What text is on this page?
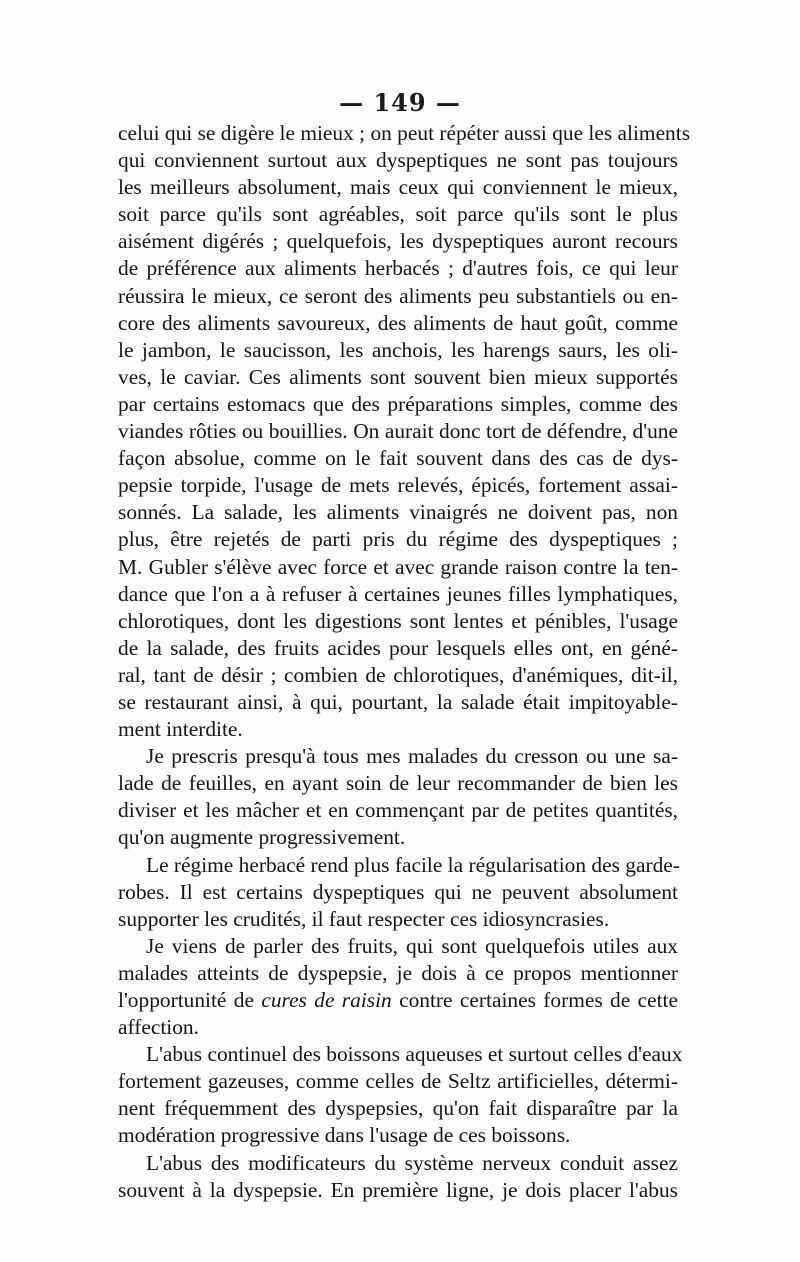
— 149 —
celui qui se digère le mieux ; on peut répéter aussi que les aliments
qui conviennent surtout aux dyspeptiques ne sont pas toujours
les meilleurs absolument, mais ceux qui conviennent le mieux,
soit parce qu'ils sont agréables, soit parce qu'ils sont le plus
aisément digérés ; quelquefois, les dyspeptiques auront recours
de préférence aux aliments herbacés ; d'autres fois, ce qui leur
réussira le mieux, ce seront des aliments peu substantiels ou en-
core des aliments savoureux, des aliments de haut goût, comme
le jambon, le saucisson, les anchois, les harengs saurs, les oli-
ves, le caviar. Ces aliments sont souvent bien mieux supportés
par certains estomacs que des préparations simples, comme des
viandes rôties ou bouillies. On aurait donc tort de défendre, d'une
façon absolue, comme on le fait souvent dans des cas de dys-
pepsie torpide, l'usage de mets relevés, épicés, fortement assai-
sonnés. La salade, les aliments vinaigrés ne doivent pas, non
plus, être rejetés de parti pris du régime des dyspeptiques ;
M. Gubler s'élève avec force et avec grande raison contre la ten-
dance que l'on a à refuser à certaines jeunes filles lymphatiques,
chlorotiques, dont les digestions sont lentes et pénibles, l'usage
de la salade, des fruits acides pour lesquels elles ont, en géné-
ral, tant de désir ; combien de chlorotiques, d'anémiques, dit-il,
se restaurant ainsi, à qui, pourtant, la salade était impitoyable-
ment interdite.
Je prescris presqu'à tous mes malades du cresson ou une sa-
lade de feuilles, en ayant soin de leur recommander de bien les
diviser et les mâcher et en commençant par de petites quantités,
qu'on augmente progressivement.
Le régime herbacé rend plus facile la régularisation des garde-
robes. Il est certains dyspeptiques qui ne peuvent absolument
supporter les crudités, il faut respecter ces idiosyncrasies.
Je viens de parler des fruits, qui sont quelquefois utiles aux
malades atteints de dyspepsie, je dois à ce propos mentionner
l'opportunité de cures de raisin contre certaines formes de cette
affection.
L'abus continuel des boissons aqueuses et surtout celles d'eaux
fortement gazeuses, comme celles de Seltz artificielles, détermi-
nent fréquemment des dyspepsies, qu'on fait disparaître par la
modération progressive dans l'usage de ces boissons.
L'abus des modificateurs du système nerveux conduit assez
souvent à la dyspepsie. En première ligne, je dois placer l'abus
